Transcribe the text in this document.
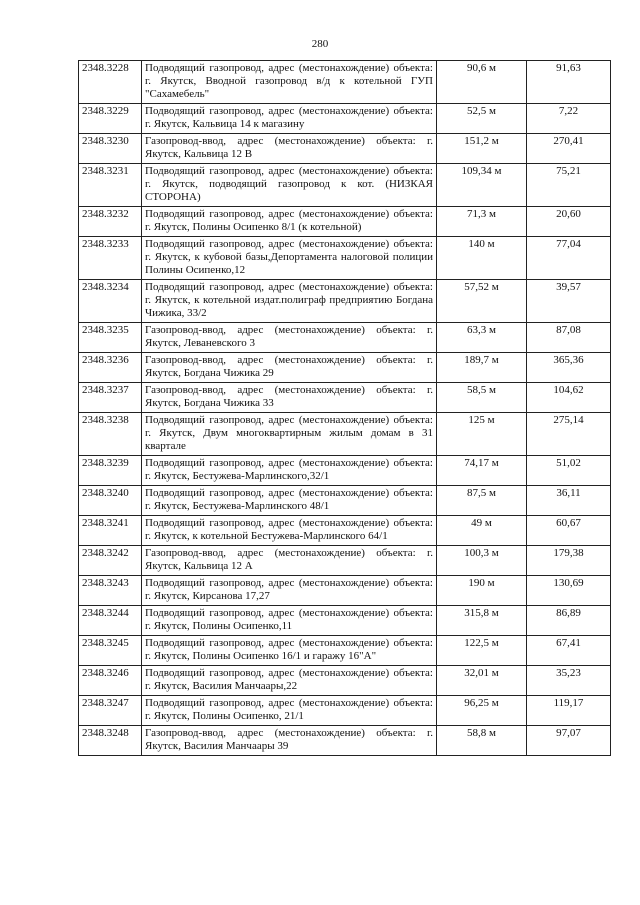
280
2348.3228	Подводящий газопровод, адрес (местонахождение) объекта: г. Якутск, Вводной газопровод в/д к котельной ГУП "Сахамебель"	90,6 м	91,63
2348.3229	Подводящий газопровод, адрес (местонахождение) объекта: г. Якутск, Кальвица 14 к магазину	52,5 м	7,22
2348.3230	Газопровод-ввод, адрес (местонахождение) объекта: г. Якутск, Кальвица 12 В	151,2 м	270,41
2348.3231	Подводящий газопровод, адрес (местонахождение) объекта: г. Якутск, подводящий газопровод к кот. (НИЗКАЯ СТОРОНА)	109,34 м	75,21
2348.3232	Подводящий газопровод, адрес (местонахождение) объекта: г. Якутск, Полины Осипенко 8/1 (к котельной)	71,3 м	20,60
2348.3233	Подводящий газопровод, адрес (местонахождение) объекта: г. Якутск, к кубовой базы,Депортамента налоговой полиции Полины Осипенко,12	140 м	77,04
2348.3234	Подводящий газопровод, адрес (местонахождение) объекта: г. Якутск, к котельной издат.полиграф предприятию Богдана Чижика, 33/2	57,52 м	39,57
2348.3235	Газопровод-ввод, адрес (местонахождение) объекта: г. Якутск, Леваневского 3	63,3 м	87,08
2348.3236	Газопровод-ввод, адрес (местонахождение) объекта: г. Якутск, Богдана Чижика 29	189,7 м	365,36
2348.3237	Газопровод-ввод, адрес (местонахождение) объекта: г. Якутск, Богдана Чижика 33	58,5 м	104,62
2348.3238	Подводящий газопровод, адрес (местонахождение) объекта: г. Якутск, Двум многоквартирным жилым домам в 31 квартале	125 м	275,14
2348.3239	Подводящий газопровод, адрес (местонахождение) объекта: г. Якутск, Бестужева-Марлинского,32/1	74,17 м	51,02
2348.3240	Подводящий газопровод, адрес (местонахождение) объекта: г. Якутск, Бестужева-Марлинского 48/1	87,5 м	36,11
2348.3241	Подводящий газопровод, адрес (местонахождение) объекта: г. Якутск, к котельной Бестужева-Марлинского 64/1	49 м	60,67
2348.3242	Газопровод-ввод, адрес (местонахождение) объекта: г. Якутск, Кальвица 12 А	100,3 м	179,38
2348.3243	Подводящий газопровод, адрес (местонахождение) объекта: г. Якутск, Кирсанова 17,27	190 м	130,69
2348.3244	Подводящий газопровод, адрес (местонахождение) объекта: г. Якутск, Полины Осипенко,11	315,8 м	86,89
2348.3245	Подводящий газопровод, адрес (местонахождение) объекта: г. Якутск, Полины Осипенко 16/1 и гаражу 16"А"	122,5 м	67,41
2348.3246	Подводящий газопровод, адрес (местонахождение) объекта: г. Якутск, Василия Манчаары,22	32,01 м	35,23
2348.3247	Подводящий газопровод, адрес (местонахождение) объекта: г. Якутск, Полины Осипенко, 21/1	96,25 м	119,17
2348.3248	Газопровод-ввод, адрес (местонахождение) объекта: г. Якутск, Василия Манчаары 39	58,8 м	97,07
